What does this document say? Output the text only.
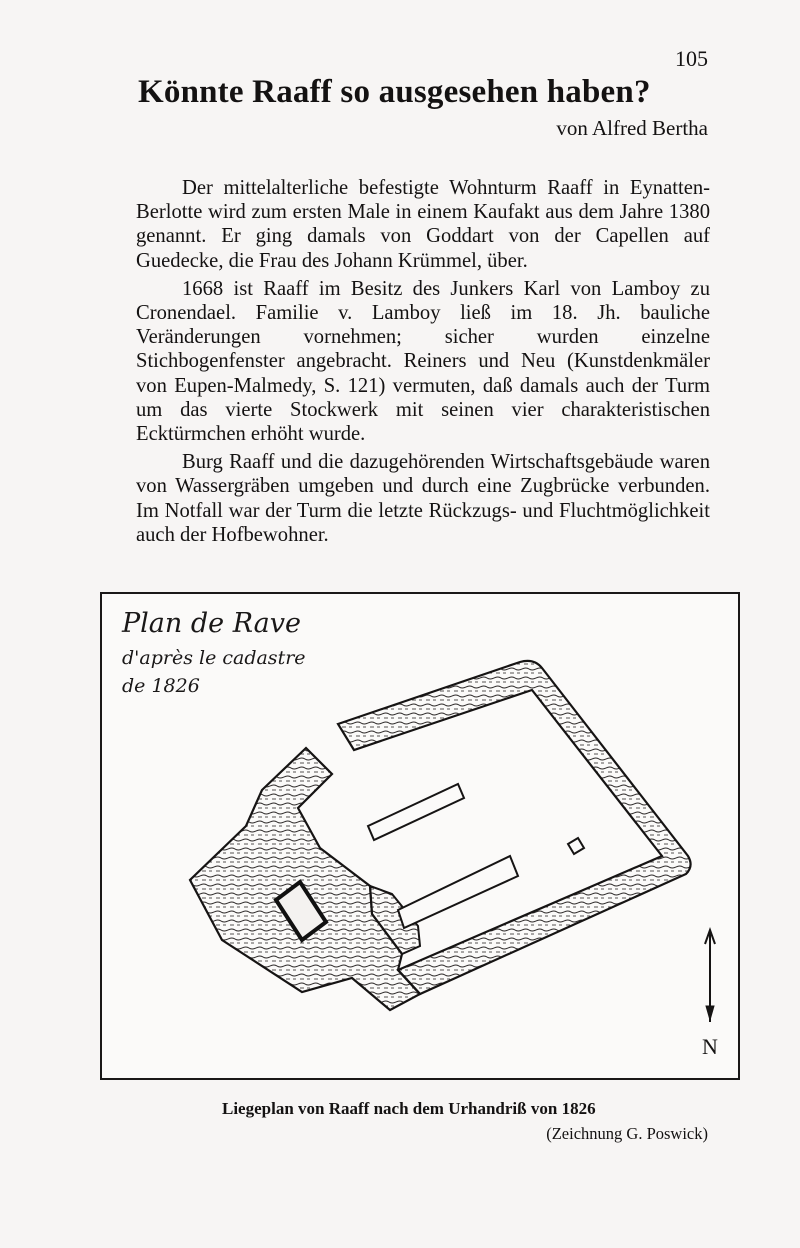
105
Könnte Raaff so ausgesehen haben?
von Alfred Bertha

Der mittelalterliche befestigte Wohnturm Raaff in Eynatten-Berlotte wird zum ersten Male in einem Kaufakt aus dem Jahre 1380 genannt. Er ging damals von Goddart von der Capellen auf Guedecke, die Frau des Johann Krümmel, über.

1668 ist Raaff im Besitz des Junkers Karl von Lamboy zu Cronendael. Familie v. Lamboy ließ im 18. Jh. bauliche Veränderungen vornehmen; sicher wurden einzelne Stichbogenfenster angebracht. Reiners und Neu (Kunstdenkmäler von Eupen-Malmedy, S. 121) vermuten, daß damals auch der Turm um das vierte Stockwerk mit seinen vier charakteristischen Ecktürmchen erhöht wurde.

Burg Raaff und die dazugehörenden Wirtschaftsgebäude waren von Wassergräben umgeben und durch eine Zugbrücke verbunden. Im Notfall war der Turm die letzte Rückzugs- und Fluchtmöglichkeit auch der Hofbewohner.

Plan de Rave
d'après le cadastre
de 1826
N
Liegeplan von Raaff nach dem Urhandriß von 1826
(Zeichnung G. Poswick)
